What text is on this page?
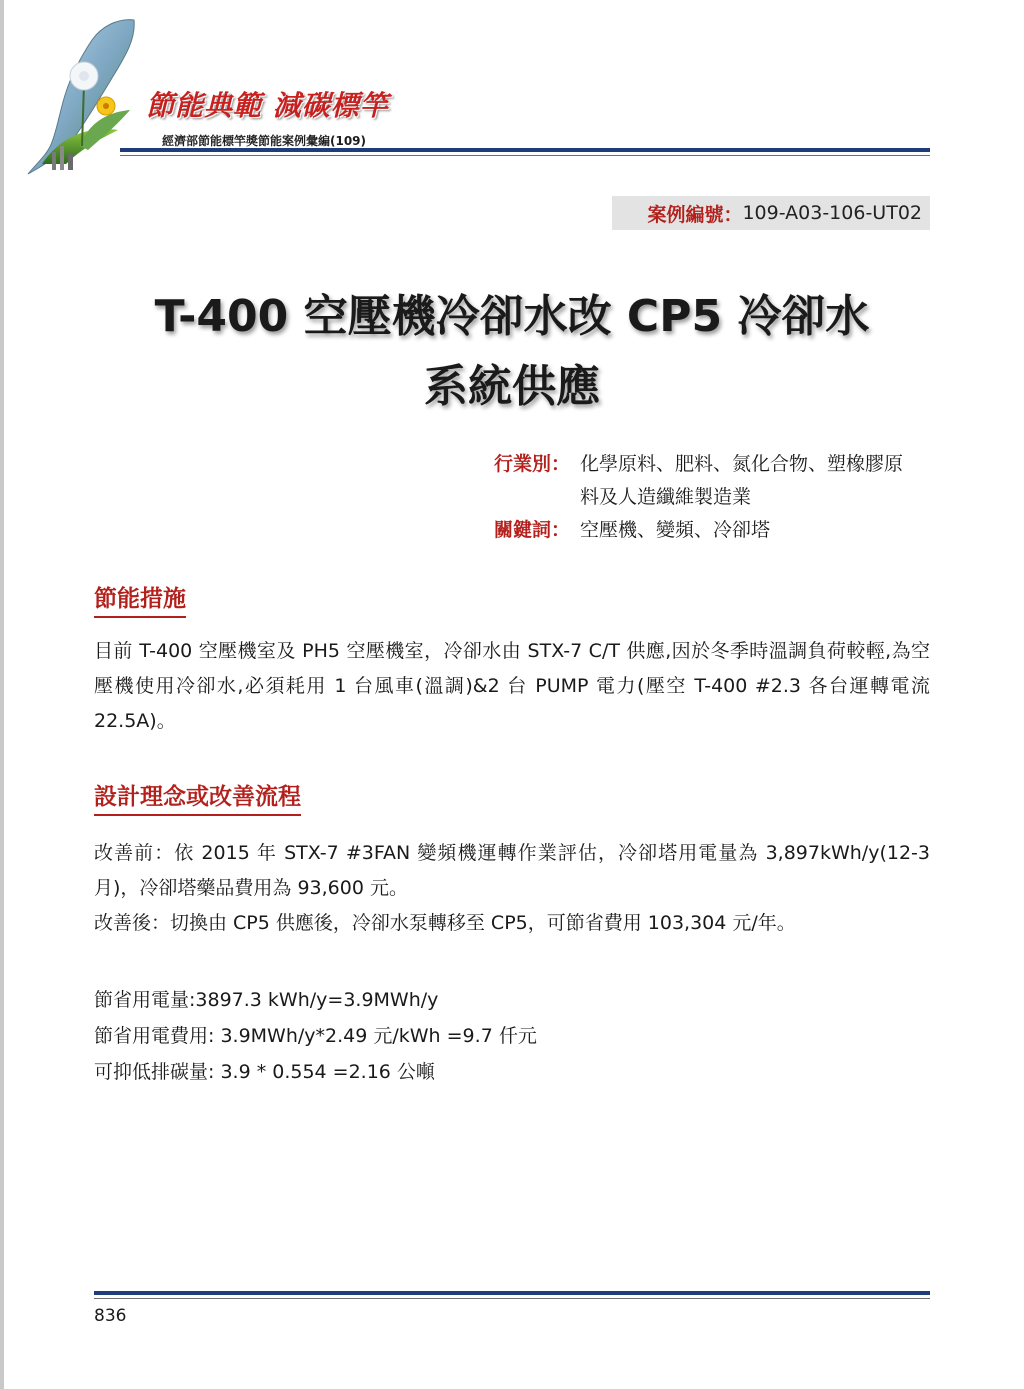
節能典範 減碳標竿
經濟部節能標竿獎節能案例彙編(109)
案例編號： 109-A03-106-UT02
T-400 空壓機冷卻水改 CP5 冷卻水
系統供應
行業別： 化學原料、肥料、氮化合物、塑橡膠原料及人造纖維製造業
關鍵詞： 空壓機、變頻、冷卻塔
節能措施
目前 T-400 空壓機室及 PH5 空壓機室，冷卻水由 STX-7 C/T 供應,因於冬季時溫調負荷較輕,為空壓機使用冷卻水,必須耗用 1 台風車(溫調)&2 台 PUMP 電力(壓空 T-400 #2.3 各台運轉電流 22.5A)。
設計理念或改善流程
改善前：依 2015 年 STX-7 #3FAN 變頻機運轉作業評估，冷卻塔用電量為 3,897kWh/y(12-3 月)，冷卻塔藥品費用為 93,600 元。
改善後：切換由 CP5 供應後，冷卻水泵轉移至 CP5，可節省費用 103,304 元/年。
節省用電量:3897.3 kWh/y=3.9MWh/y
節省用電費用: 3.9MWh/y*2.49 元/kWh =9.7 仟元
可抑低排碳量: 3.9 * 0.554 =2.16 公噸
836
